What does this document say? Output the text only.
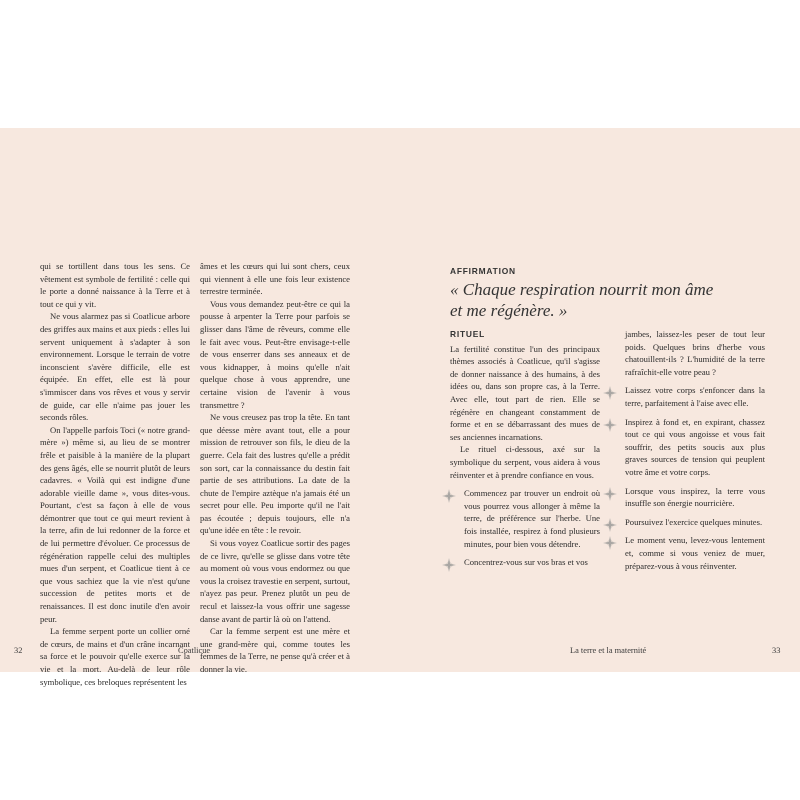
qui se tortillent dans tous les sens. Ce vêtement est symbole de fertilité : celle qui le porte a donné naissance à la Terre et à tout ce qui y vit.

Ne vous alarmez pas si Coatlicue arbore des griffes aux mains et aux pieds : elles lui servent uniquement à s'adapter à son environnement. Lorsque le terrain de votre inconscient s'avère difficile, elle est équipée. En effet, elle est là pour s'immiscer dans vos rêves et vous y servir de guide, car elle n'aime pas jouer les seconds rôles.

On l'appelle parfois Toci (« notre grand-mère ») même si, au lieu de se montrer frêle et paisible à la manière de la plupart des gens âgés, elle se nourrit plutôt de leurs cadavres. « Voilà qui est indigne d'une adorable vieille dame », vous dites-vous. Pourtant, c'est sa façon à elle de vous démontrer que tout ce qui meurt revient à la terre, afin de lui redonner de la force et de lui permettre d'évoluer. Ce processus de régénération rappelle celui des multiples mues d'un serpent, et Coatlicue tient à ce que vous sachiez que la vie n'est qu'une succession de petites morts et de renaissances. Il est donc inutile d'en avoir peur.

La femme serpent porte un collier orné de cœurs, de mains et d'un crâne incarnant sa force et le pouvoir qu'elle exerce sur la vie et la mort. Au-delà de leur rôle symbolique, ces breloques représentent les

âmes et les cœurs qui lui sont chers, ceux qui viennent à elle une fois leur existence terrestre terminée.

Vous vous demandez peut-être ce qui la pousse à arpenter la Terre pour parfois se glisser dans l'âme de rêveurs, comme elle le fait avec vous. Peut-être envisage-t-elle de vous enserrer dans ses anneaux et de vous kidnapper, à moins qu'elle n'ait quelque chose à vous apprendre, une certaine vision de l'avenir à vous transmettre ?

Ne vous creusez pas trop la tête. En tant que déesse mère avant tout, elle a pour mission de retrouver son fils, le dieu de la guerre. Cela fait des lustres qu'elle a prédit son sort, car la connaissance du destin fait partie de ses attributions. La date de la chute de l'empire aztèque n'a jamais été un secret pour elle. Peu importe qu'il ne l'ait pas écoutée ; depuis toujours, elle n'a qu'une idée en tête : le revoir.

Si vous voyez Coatlicue sortir des pages de ce livre, qu'elle se glisse dans votre tête au moment où vous vous endormez ou que vous la croisez travestie en serpent, surtout, n'ayez pas peur. Prenez plutôt un peu de recul et laissez-la vous offrir une sagesse danse avant de partir là où on l'attend.

Car la femme serpent est une mère et une grand-mère qui, comme toutes les femmes de la Terre, ne pense qu'à créer et à donner la vie.

32	Coatlicue
AFFIRMATION
« Chaque respiration nourrit mon âme
et me régénère. »
RITUEL

La fertilité constitue l'un des principaux thèmes associés à Coatlicue, qu'il s'agisse de donner naissance à des humains, à des idées ou, dans son propre cas, à la Terre. Avec elle, tout part de rien. Elle se régénère en changeant constamment de forme et en se débarrassant des mues de ses anciennes incarnations.

Le rituel ci-dessous, axé sur la symbolique du serpent, vous aidera à vous réinventer et à prendre confiance en vous.

Commencez par trouver un endroit où vous pourrez vous allonger à même la terre, de préférence sur l'herbe. Une fois installée, respirez à fond plusieurs minutes, pour bien vous détendre.
Concentrez-vous sur vos bras et vos

jambes, laissez-les peser de tout leur poids. Quelques brins d'herbe vous chatouillent-ils ? L'humidité de la terre rafraîchit-elle votre peau ?

Laissez votre corps s'enfoncer dans la terre, parfaitement à l'aise avec elle.
Inspirez à fond et, en expirant, chassez tout ce qui vous angoisse et vous fait souffrir, des petits soucis aux plus graves sources de tension qui peuplent votre âme et votre corps.
Lorsque vous inspirez, la terre vous insuffle son énergie nourricière.
Poursuivez l'exercice quelques minutes.
Le moment venu, levez-vous lentement et, comme si vous veniez de muer, préparez-vous à vous réinventer.
La terre et la maternité	33
